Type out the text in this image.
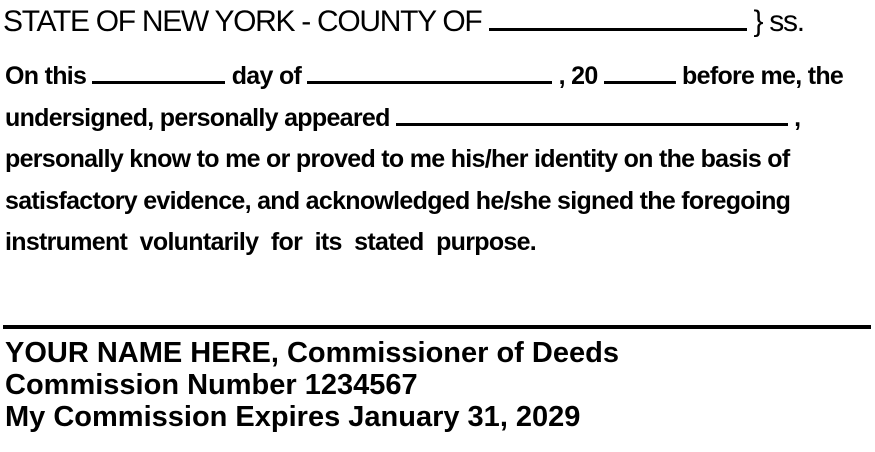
STATE OF NEW YORK - COUNTY OF	} ss.
On this	day of	, 20	before me, the
undersigned, personally appeared	,
personally know to me or proved to me his/her identity on the basis of
satisfactory evidence, and acknowledged he/she signed the foregoing
instrument  voluntarily  for  its  stated  purpose.
YOUR NAME HERE, Commissioner of Deeds
Commission Number 1234567
My Commission Expires January 31, 2029
